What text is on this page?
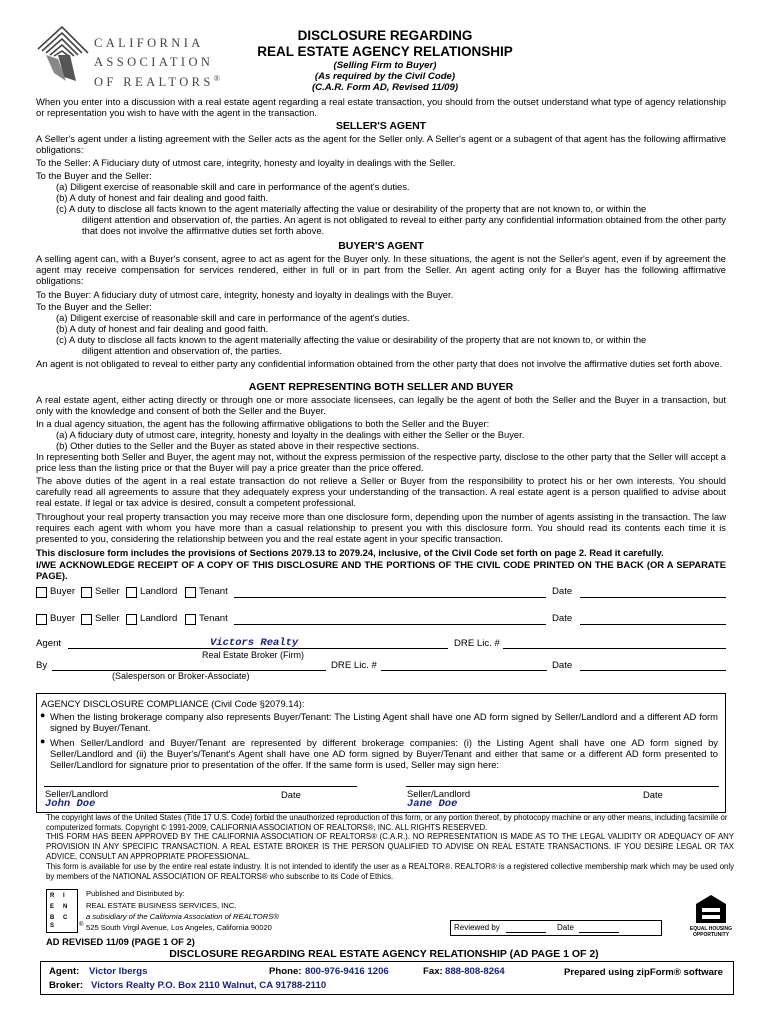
CALIFORNIA
ASSOCIATION
OF REALTORS®
DISCLOSURE REGARDING
REAL ESTATE AGENCY RELATIONSHIP
(Selling Firm to Buyer)
(As required by the Civil Code)
(C.A.R. Form AD, Revised 11/09)

When you enter into a discussion with a real estate agent regarding a real estate transaction, you should from the outset understand what type of agency relationship or representation you wish to have with the agent in the transaction.

SELLER'S AGENT

A Seller's agent under a listing agreement with the Seller acts as the agent for the Seller only. A Seller's agent or a subagent of that agent has the following affirmative obligations:

To the Seller: A Fiduciary duty of utmost care, integrity, honesty and loyalty in dealings with the Seller.

To the Buyer and the Seller:

(a) Diligent exercise of reasonable skill and care in performance of the agent's duties.

(b) A duty of honest and fair dealing and good faith.

(c) A duty to disclose all facts known to the agent materially affecting the value or desirability of the property that are not known to, or within the

diligent attention and observation of, the parties. An agent is not obligated to reveal to either party any confidential information obtained from the other party that does not involve the affirmative duties set forth above.

BUYER'S AGENT

A selling agent can, with a Buyer's consent, agree to act as agent for the Buyer only. In these situations, the agent is not the Seller's agent, even if by agreement the agent may receive compensation for services rendered, either in full or in part from the Seller. An agent acting only for a Buyer has the following affirmative obligations:

To the Buyer: A fiduciary duty of utmost care, integrity, honesty and loyalty in dealings with the Buyer.

To the Buyer and the Seller:

(a) Diligent exercise of reasonable skill and care in performance of the agent's duties.

(b) A duty of honest and fair dealing and good faith.

(c) A duty to disclose all facts known to the agent materially affecting the value or desirability of the property that are not known to, or within the

diligent attention and observation of, the parties.

An agent is not obligated to reveal to either party any confidential information obtained from the other party that does not involve the affirmative duties set forth above.

AGENT REPRESENTING BOTH SELLER AND BUYER

A real estate agent, either acting directly or through one or more associate licensees, can legally be the agent of both the Seller and the Buyer in a transaction, but only with the knowledge and consent of both the Seller and the Buyer.

In a dual agency situation, the agent has the following affirmative obligations to both the Seller and the Buyer:

(a) A fiduciary duty of utmost care, integrity, honesty and loyalty in the dealings with either the Seller or the Buyer.

(b) Other duties to the Seller and the Buyer as stated above in their respective sections.

In representing both Seller and Buyer, the agent may not, without the express permission of the respective party, disclose to the other party that the Seller will accept a price less than the listing price or that the Buyer will pay a price greater than the price offered.

The above duties of the agent in a real estate transaction do not relieve a Seller or Buyer from the responsibility to protect his or her own interests. You should carefully read all agreements to assure that they adequately express your understanding of the transaction. A real estate agent is a person qualified to advise about real estate. If legal or tax advice is desired, consult a competent professional.

Throughout your real property transaction you may receive more than one disclosure form, depending upon the number of agents assisting in the transaction. The law requires each agent with whom you have more than a casual relationship to present you with this disclosure form. You should read its contents each time it is presented to you, considering the relationship between you and the real estate agent in your specific transaction.

This disclosure form includes the provisions of Sections 2079.13 to 2079.24, inclusive, of the Civil Code set forth on page 2. Read it carefully.

I/WE ACKNOWLEDGE RECEIPT OF A COPY OF THIS DISCLOSURE AND THE PORTIONS OF THE CIVIL CODE PRINTED ON THE BACK (OR A SEPARATE PAGE).

Buyer Seller Landlord Tenant	Date
Buyer Seller Landlord Tenant	Date
Agent	Victors Realty
Real Estate Broker (Firm)
DRE Lic. #
By	DRE Lic. #	Date
(Salesperson or Broker-Associate)
AGENCY DISCLOSURE COMPLIANCE (Civil Code §2079.14):
● When the listing brokerage company also represents Buyer/Tenant: The Listing Agent shall have one AD form signed by Seller/Landlord and a different AD form signed by Buyer/Tenant.
● When Seller/Landlord and Buyer/Tenant are represented by different brokerage companies: (i) the Listing Agent shall have one AD form signed by Seller/Landlord and (ii) the Buyer's/Tenant's Agent shall have one AD form signed by Buyer/Tenant and either that same or a different AD form presented to Seller/Landlord for signature prior to presentation of the offer. If the same form is used, Seller may sign here:
Seller/Landlord	Date	Seller/Landlord	Date
John Doe	Jane Doe

The copyright laws of the United States (Title 17 U.S. Code) forbid the unauthorized reproduction of this form, or any portion thereof, by photocopy machine or any other means, including facsimile or computerized formats. Copyright © 1991-2009, CALIFORNIA ASSOCIATION OF REALTORS®, INC. ALL RIGHTS RESERVED.

THIS FORM HAS BEEN APPROVED BY THE CALIFORNIA ASSOCIATION OF REALTORS® (C.A.R.). NO REPRESENTATION IS MADE AS TO THE LEGAL VALIDITY OR ADEQUACY OF ANY PROVISION IN ANY SPECIFIC TRANSACTION. A REAL ESTATE BROKER IS THE PERSON QUALIFIED TO ADVISE ON REAL ESTATE TRANSACTIONS. IF YOU DESIRE LEGAL OR TAX ADVICE, CONSULT AN APPROPRIATE PROFESSIONAL.

This form is available for use by the entire real estate industry. It is not intended to identify the user as a REALTOR®. REALTOR® is a registered collective membership mark which may be used only by members of the NATIONAL ASSOCIATION OF REALTORS® who subscribe to its Code of Ethics.

R I
E N
B C
S	®
Published and Distributed by:
REAL ESTATE BUSINESS SERVICES, INC.
a subsidiary of the California Association of REALTORS®
525 South Virgil Avenue, Los Angeles, California 90020	Reviewed by	Date	EQUAL HOUSING
OPPORTUNITY
AD REVISED 11/09 (PAGE 1 OF 2)
DISCLOSURE REGARDING REAL ESTATE AGENCY RELATIONSHIP (AD PAGE 1 OF 2)
Agent: Victor Ibergs	Phone: 800-976-9416 1206	Fax: 888-808-8264	Prepared using zipForm® software
Broker: Victors Realty P.O. Box 2110 Walnut, CA 91788-2110
